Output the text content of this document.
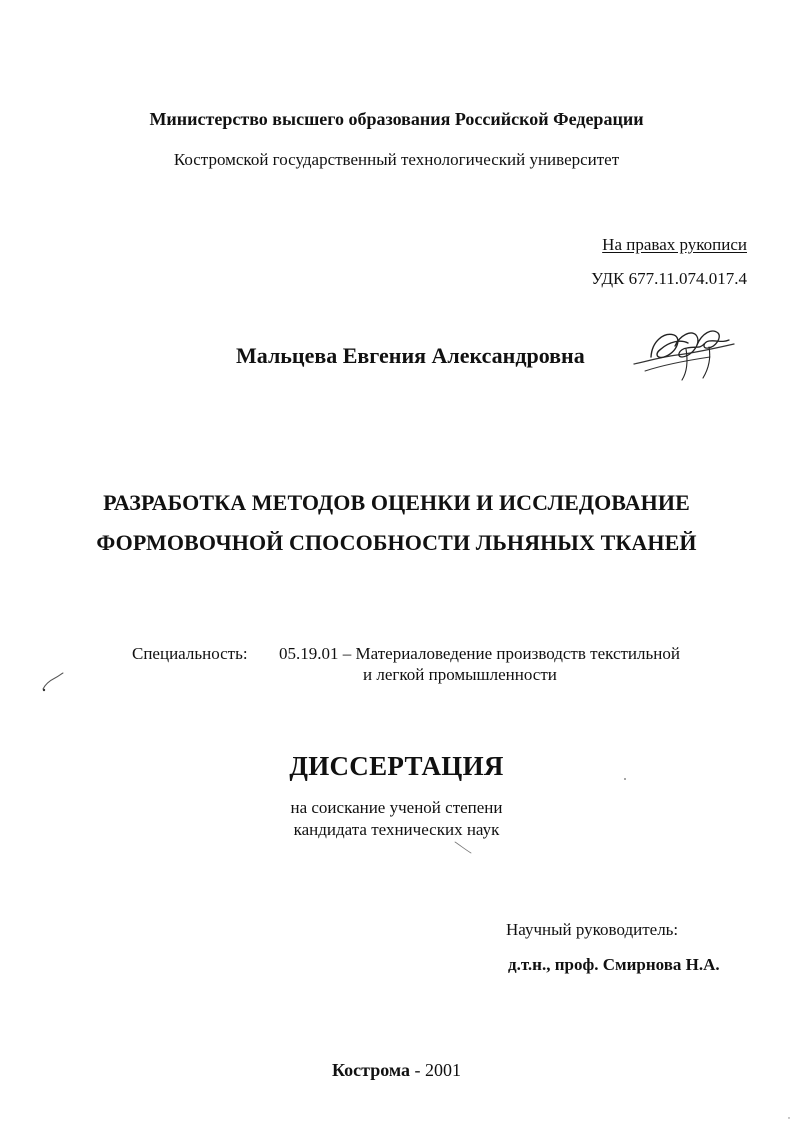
Министерство высшего образования Российской Федерации
Костромской государственный технологический университет
На правах рукописи
УДК 677.11.074.017.4
Мальцева Евгения Александровна
РАЗРАБОТКА МЕТОДОВ ОЦЕНКИ И ИССЛЕДОВАНИЕ
ФОРМОВОЧНОЙ СПОСОБНОСТИ ЛЬНЯНЫХ ТКАНЕЙ
Специальность: 05.19.01 – Материаловедение производств текстильной
и легкой промышленности
ДИССЕРТАЦИЯ
на соискание ученой степени
кандидата технических наук
Научный руководитель:
д.т.н., проф. Смирнова Н.А.
Кострома - 2001
